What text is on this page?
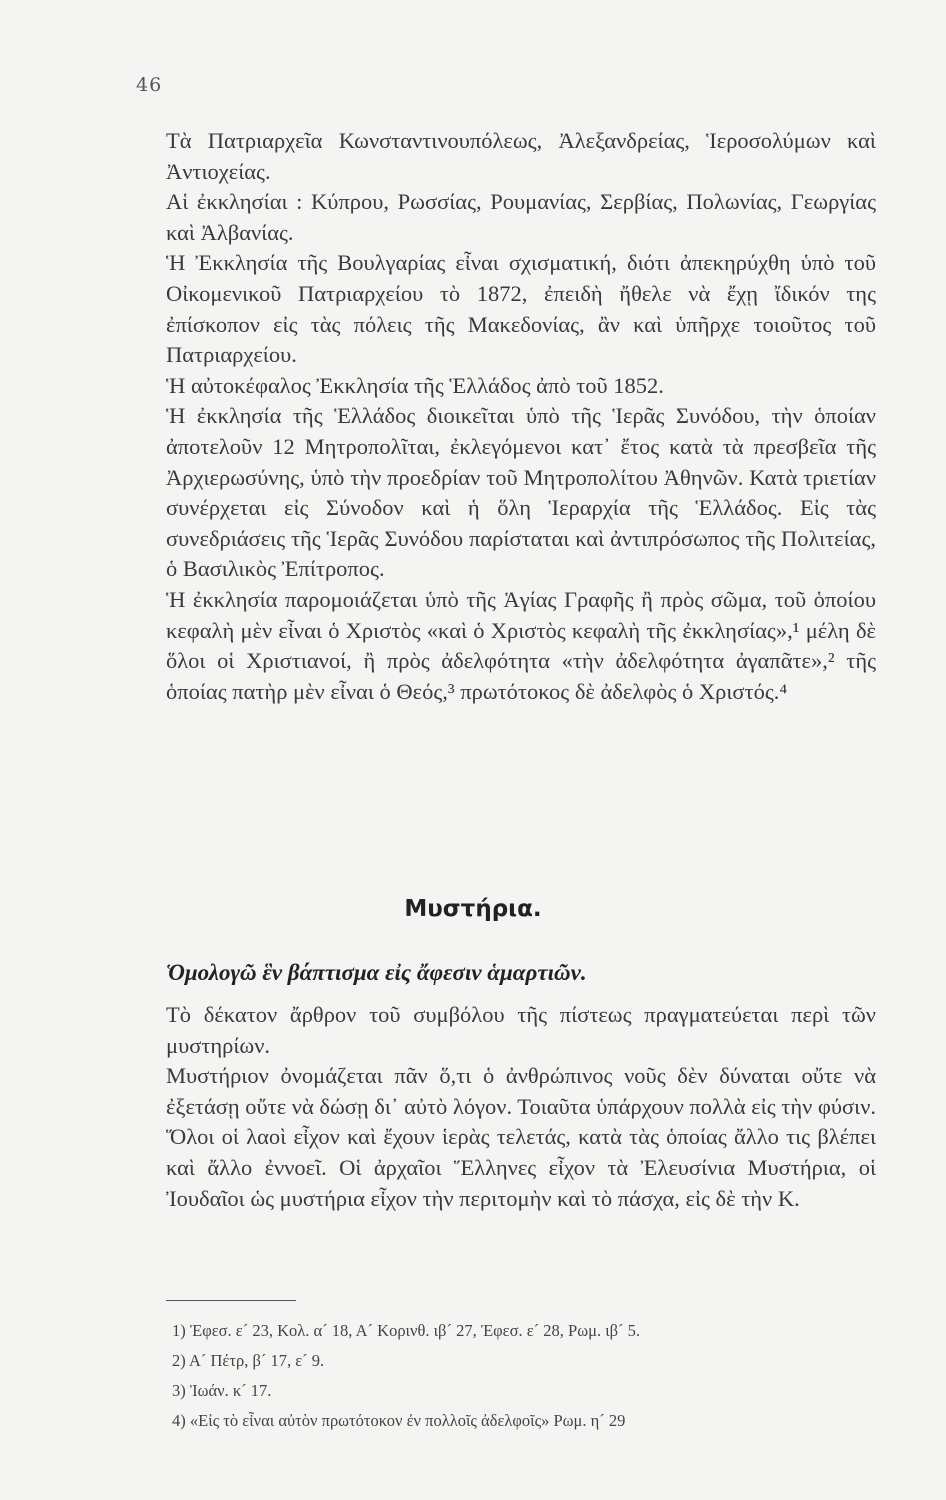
46

Τὰ Πατριαρχεῖα Κωνσταντινουπόλεως, Ἀλεξανδρείας, Ἱεροσολύμων καὶ Ἀντιοχείας.

Αἱ ἐκκλησίαι : Κύπρου, Ρωσσίας, Ρουμανίας, Σερβίας, Πολωνίας, Γεωργίας καὶ Ἀλβανίας.

Ἡ Ἐκκλησία τῆς Βουλγαρίας εἶναι σχισματική, διότι ἀπεκηρύχθη ὑπὸ τοῦ Οἰκομενικοῦ Πατριαρχείου τὸ 1872, ἐπειδὴ ἤθελε νὰ ἔχῃ ἴδικόν της ἐπίσκοπον εἰς τὰς πόλεις τῆς Μακεδονίας, ἂν καὶ ὑπῆρχε τοιοῦτος τοῦ Πατριαρχείου.

Ἡ αὐτοκέφαλος Ἐκκλησία τῆς Ἑλλάδος ἀπὸ τοῦ 1852.

Ἡ ἐκκλησία τῆς Ἑλλάδος διοικεῖται ὑπὸ τῆς Ἱερᾶς Συνόδου, τὴν ὁποίαν ἀποτελοῦν 12 Μητροπολῖται, ἐκλεγόμενοι κατ᾽ ἔτος κατὰ τὰ πρεσβεῖα τῆς Ἀρχιερωσύνης, ὑπὸ τὴν προεδρίαν τοῦ Μητροπολίτου Ἀθηνῶν. Κατὰ τριετίαν συνέρχεται εἰς Σύνοδον καὶ ἡ ὅλη Ἱεραρχία τῆς Ἑλλάδος. Εἰς τὰς συνεδριάσεις τῆς Ἱερᾶς Συνόδου παρίσταται καὶ ἀντιπρόσωπος τῆς Πολιτείας, ὁ Βασιλικὸς Ἐπίτροπος.

Ἡ ἐκκλησία παρομοιάζεται ὑπὸ τῆς Ἁγίας Γραφῆς ἢ πρὸς σῶμα, τοῦ ὁποίου κεφαλὴ μὲν εἶναι ὁ Χριστὸς «καὶ ὁ Χριστὸς κεφαλὴ τῆς ἐκκλησίας»,¹ μέλη δὲ ὅλοι οἱ Χριστιανοί, ἢ πρὸς ἀδελφότητα «τὴν ἀδελφότητα ἀγαπᾶτε»,² τῆς ὁποίας πατὴρ μὲν εἶναι ὁ Θεός,³ πρωτότοκος δὲ ἀδελφὸς ὁ Χριστός.⁴

Μυστήρια.
Ὁμολογῶ ἓν βάπτισμα εἰς ἄφεσιν ἁμαρτιῶν.

Τὸ δέκατον ἄρθρον τοῦ συμβόλου τῆς πίστεως πραγματεύεται περὶ τῶν μυστηρίων.

Μυστήριον ὀνομάζεται πᾶν ὅ,τι ὁ ἀνθρώπινος νοῦς δὲν δύναται οὔτε νὰ ἐξετάσῃ οὔτε νὰ δώσῃ δι᾽ αὐτὸ λόγον. Τοιαῦτα ὑπάρχουν πολλὰ εἰς τὴν φύσιν. Ὅλοι οἱ λαοὶ εἶχον καὶ ἔχουν ἱερὰς τελετάς, κατὰ τὰς ὁποίας ἄλλο τις βλέπει καὶ ἄλλο ἐννοεῖ. Οἱ ἀρχαῖοι Ἕλληνες εἶχον τὰ Ἐλευσίνια Μυστήρια, οἱ Ἰουδαῖοι ὡς μυστήρια εἶχον τὴν περιτομὴν καὶ τὸ πάσχα, εἰς δὲ τὴν Κ.

1) Ἐφεσ. ε´ 23, Κολ. α´ 18, Α´ Κορινθ. ιβ´ 27, Ἐφεσ. ε´ 28, Ρωμ. ιβ´ 5.

2) Α´ Πέτρ, β´ 17, ε´ 9.

3) Ἰωάν. κ´ 17.

4) «Εἰς τὸ εἶναι αὐτὸν πρωτότοκον ἐν πολλοῖς ἀδελφοῖς» Ρωμ. η´ 29
